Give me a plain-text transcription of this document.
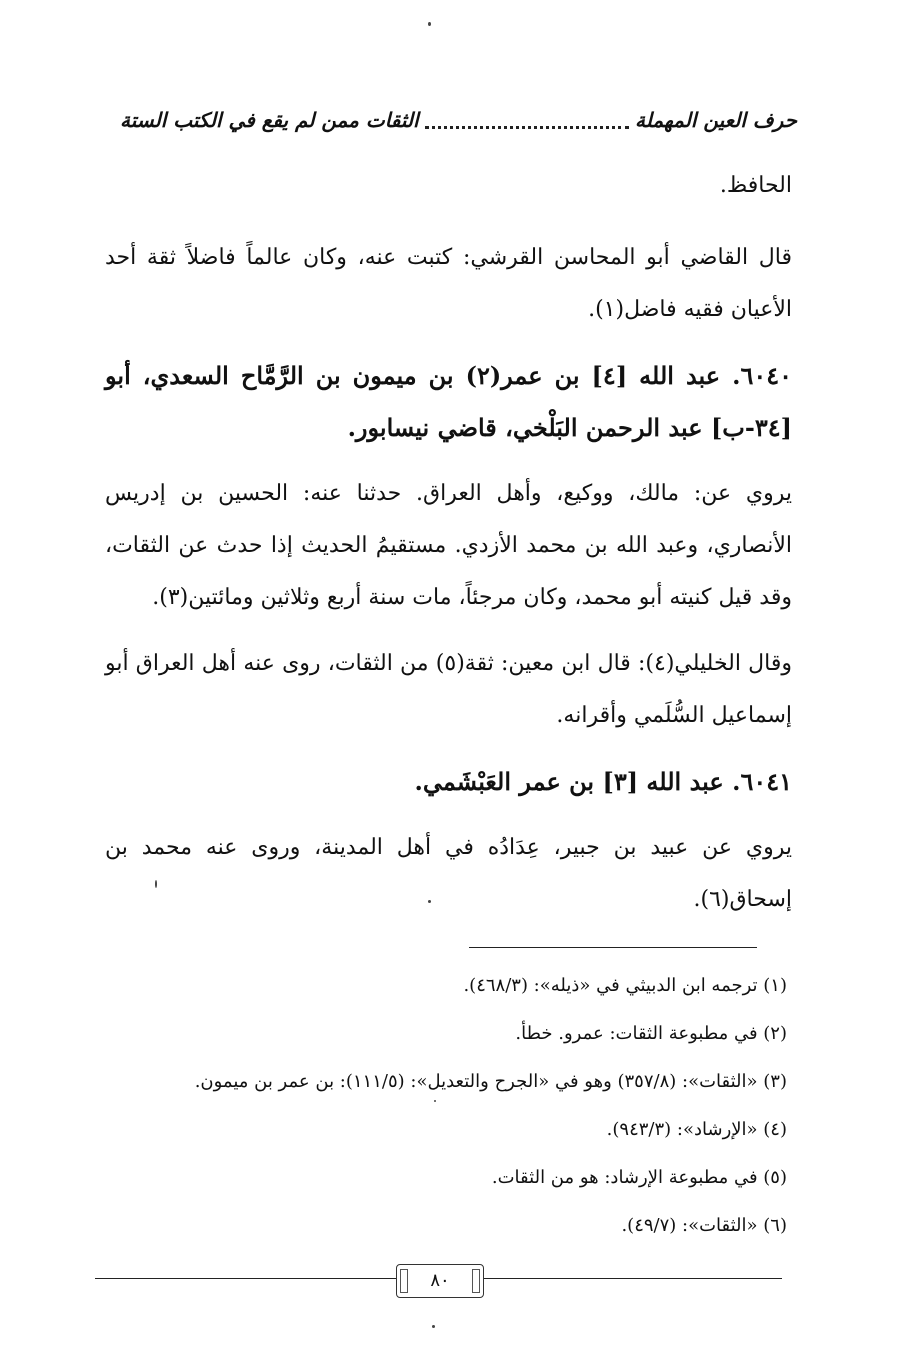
حرف العين المهملة
الثقات ممن لم يقع في الكتب الستة

الحافظ.

قال القاضي أبو المحاسن القرشي: كتبت عنه، وكان عالماً فاضلاً ثقة أحد الأعيان فقيه فاضل(١).

٦٠٤٠. عبد الله [٤] بن عمر(٢) بن ميمون بن الرَّمَّاح السعدي، أبو [٣٤-ب] عبد الرحمن البَلْخي، قاضي نيسابور.

يروي عن: مالك، ووكيع، وأهل العراق. حدثنا عنه: الحسين بن إدريس الأنصاري، وعبد الله بن محمد الأزدي. مستقيمُ الحديث إذا حدث عن الثقات، وقد قيل كنيته أبو محمد، وكان مرجئاً، مات سنة أربع وثلاثين ومائتين(٣).

وقال الخليلي(٤): قال ابن معين: ثقة(٥) من الثقات، روى عنه أهل العراق أبو إسماعيل السُّلَمي وأقرانه.

٦٠٤١. عبد الله [٣] بن عمر العَبْشَمي.

يروي عن عبيد بن جبير، عِدَادُه في أهل المدينة، وروى عنه محمد بن إسحاق(٦).

(١) ترجمه ابن الدبيثي في «ذيله»: (٤٦٨/٣).
(٢) في مطبوعة الثقات: عمرو. خطأ.
(٣) «الثقات»: (٣٥٧/٨) وهو في «الجرح والتعديل»: (١١١/٥): بن عمر بن ميمون.
(٤) «الإرشاد»: (٩٤٣/٣).
(٥) في مطبوعة الإرشاد: هو من الثقات.
(٦) «الثقات»: (٤٩/٧).
٨٠
